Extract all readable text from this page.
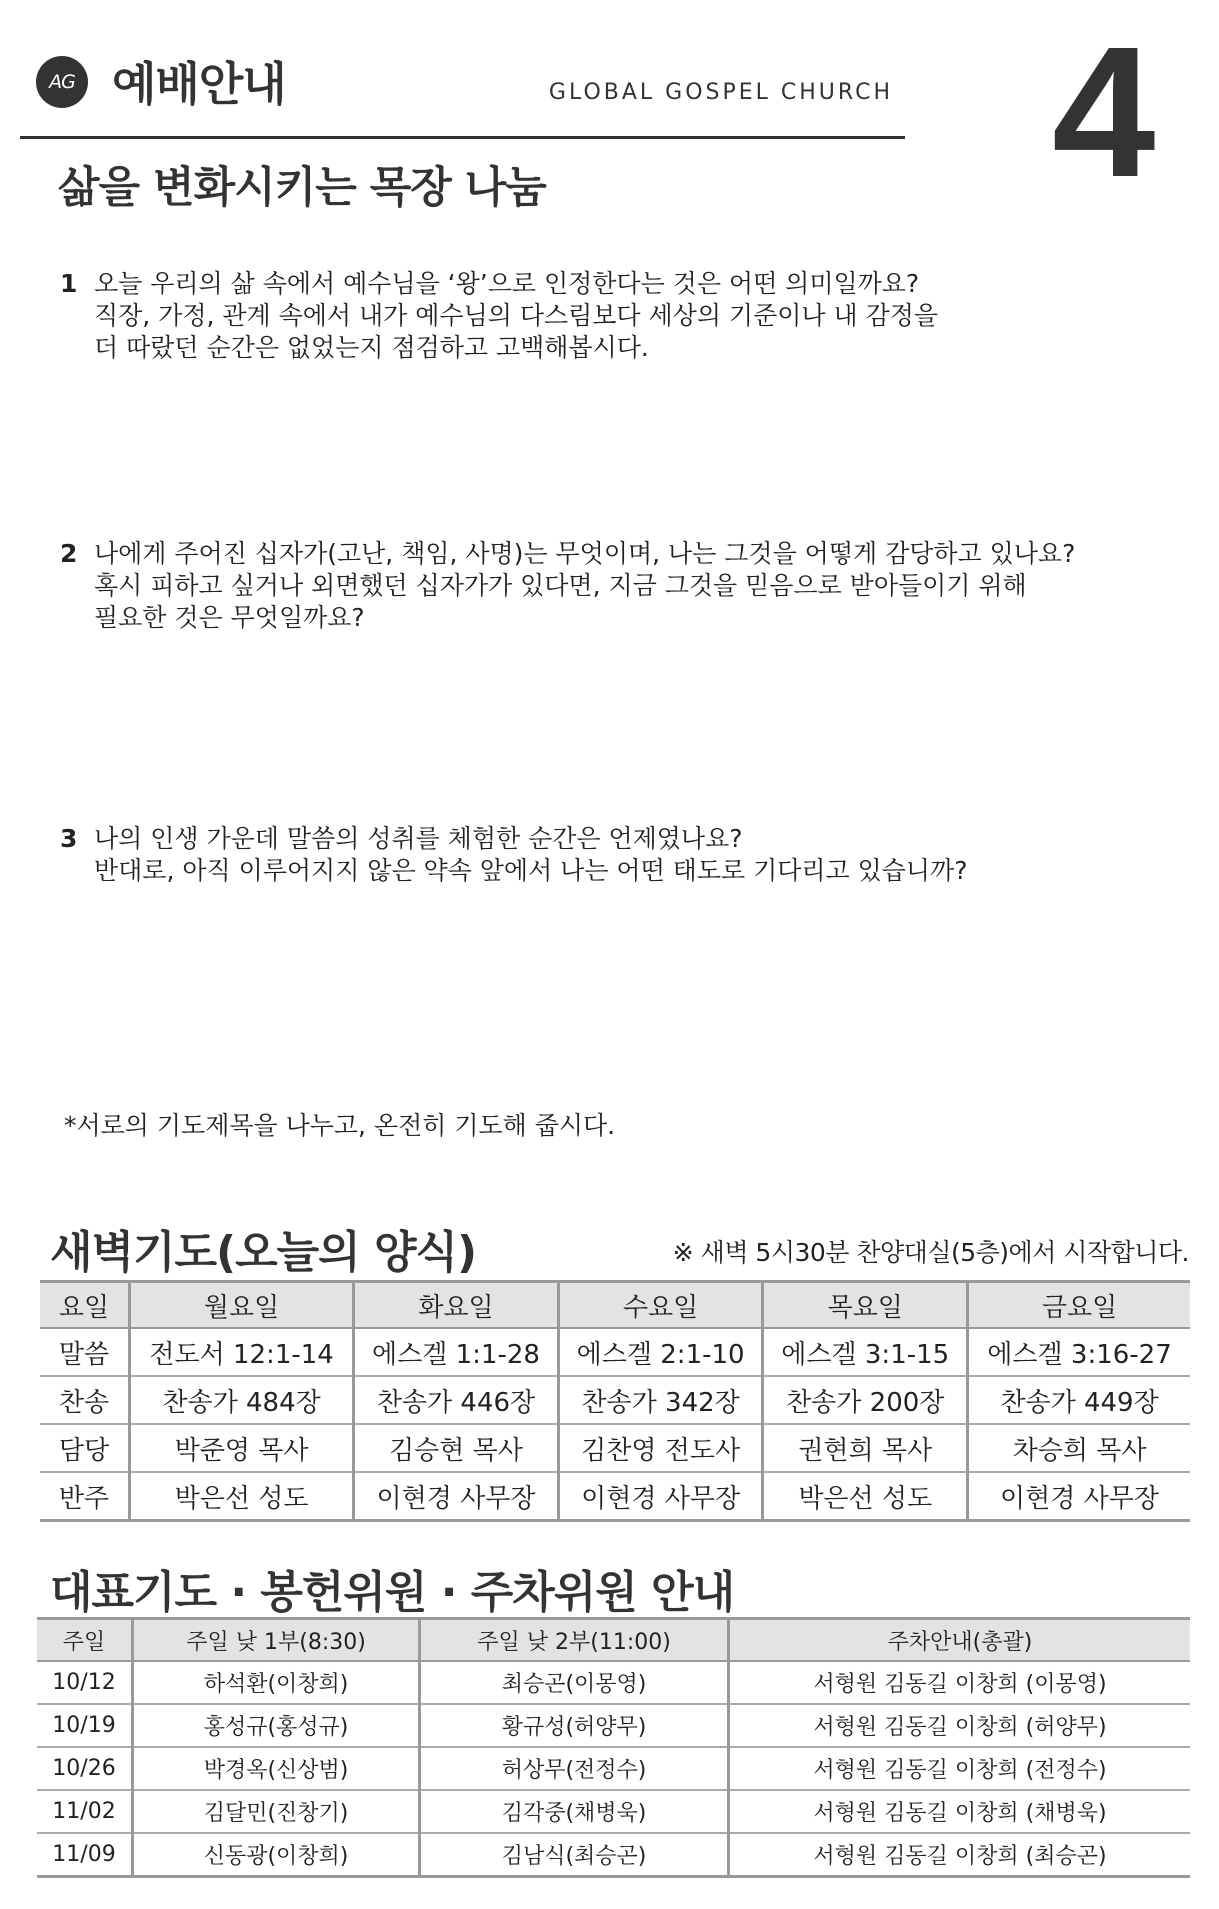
AG 예배안내	GLOBAL GOSPEL CHURCH 4
삶을 변화시키는 목장 나눔
1 오늘 우리의 삶 속에서 예수님을 ‘왕’으로 인정한다는 것은 어떤 의미일까요?
직장, 가정, 관계 속에서 내가 예수님의 다스림보다 세상의 기준이나 내 감정을
더 따랐던 순간은 없었는지 점검하고 고백해봅시다.
2 나에게 주어진 십자가(고난, 책임, 사명)는 무엇이며, 나는 그것을 어떻게 감당하고 있나요?
혹시 피하고 싶거나 외면했던 십자가가 있다면, 지금 그것을 믿음으로 받아들이기 위해
필요한 것은 무엇일까요?
3 나의 인생 가운데 말씀의 성취를 체험한 순간은 언제였나요?
반대로, 아직 이루어지지 않은 약속 앞에서 나는 어떤 태도로 기다리고 있습니까?
*서로의 기도제목을 나누고, 온전히 기도해 줍시다.
새벽기도(오늘의 양식)	※ 새벽 5시30분 찬양대실(5층)에서 시작합니다.
요일	월요일	화요일	수요일	목요일	금요일
말씀	전도서 12:1-14	에스겔 1:1-28	에스겔 2:1-10	에스겔 3:1-15	에스겔 3:16-27
찬송	찬송가 484장	찬송가 446장	찬송가 342장	찬송가 200장	찬송가 449장
담당	박준영 목사	김승현 목사	김찬영 전도사	권현희 목사	차승희 목사
반주	박은선 성도	이현경 사무장	이현경 사무장	박은선 성도	이현경 사무장
대표기도 · 봉헌위원 · 주차위원 안내
주일	주일 낮 1부(8:30)	주일 낮 2부(11:00)	주차안내(총괄)
10/12	하석환(이창희)	최승곤(이몽영)	서형원 김동길 이창희 (이몽영)
10/19	홍성규(홍성규)	황규성(허양무)	서형원 김동길 이창희 (허양무)
10/26	박경옥(신상범)	허상무(전정수)	서형원 김동길 이창희 (전정수)
11/02	김달민(진창기)	김각중(채병욱)	서형원 김동길 이창희 (채병욱)
11/09	신동광(이창희)	김남식(최승곤)	서형원 김동길 이창희 (최승곤)
